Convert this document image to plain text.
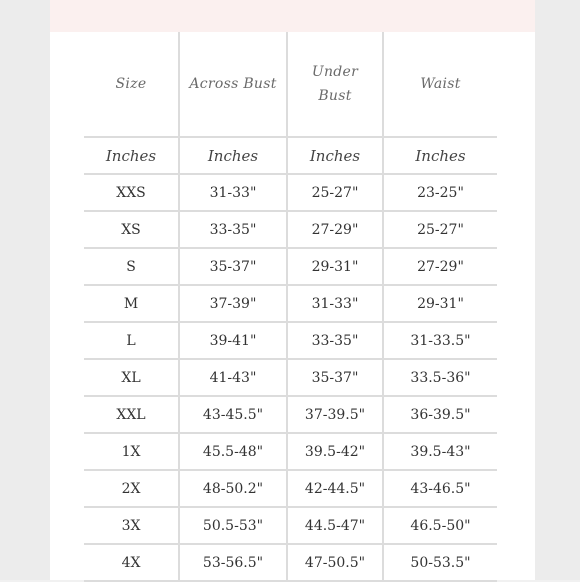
Size	Across Bust	Under Bust	Waist
Inches	Inches	Inches	Inches
XXS	31-33"	25-27"	23-25"
XS	33-35"	27-29"	25-27"
S	35-37"	29-31"	27-29"
M	37-39"	31-33"	29-31"
L	39-41"	33-35"	31-33.5"
XL	41-43"	35-37"	33.5-36"
XXL	43-45.5"	37-39.5"	36-39.5"
1X	45.5-48"	39.5-42"	39.5-43"
2X	48-50.2"	42-44.5"	43-46.5"
3X	50.5-53"	44.5-47"	46.5-50"
4X	53-56.5"	47-50.5"	50-53.5"
